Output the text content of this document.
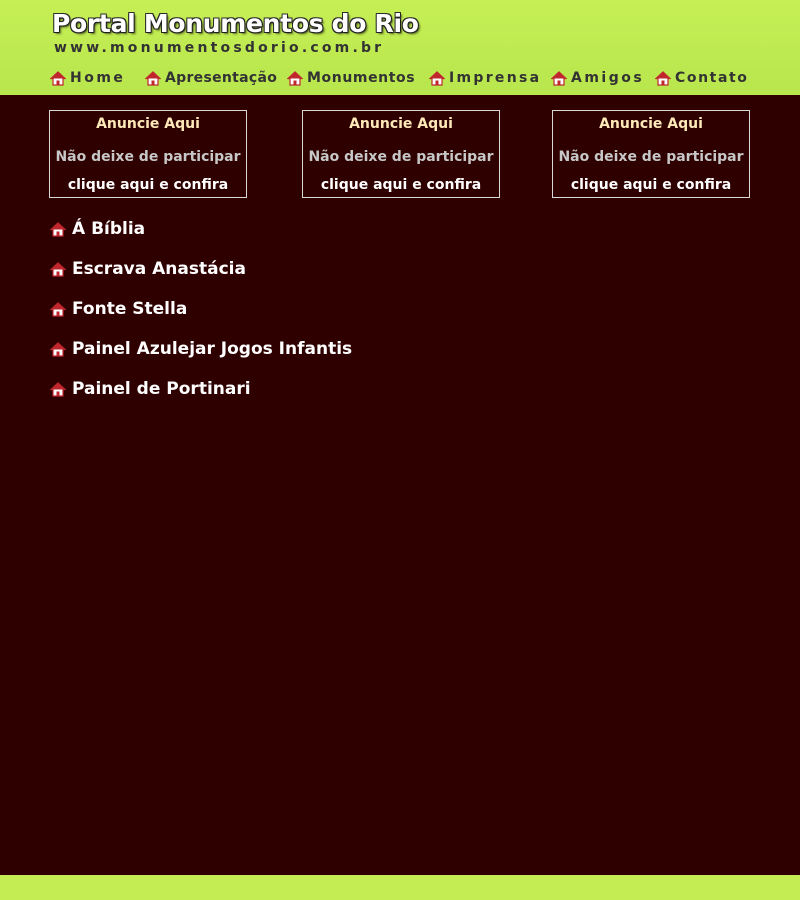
Portal Monumentos do Rio
www.monumentosdorio.com.br
Home	Apresentação Monumentos Imprensa Amigos Contato
Anuncie Aqui
Não deixe de participar
clique aqui e confira
Anuncie Aqui
Não deixe de participar
clique aqui e confira
Anuncie Aqui
Não deixe de participar
clique aqui e confira
Á Bíblia
Escrava Anastácia
Fonte Stella
Painel Azulejar Jogos Infantis
Painel de Portinari
